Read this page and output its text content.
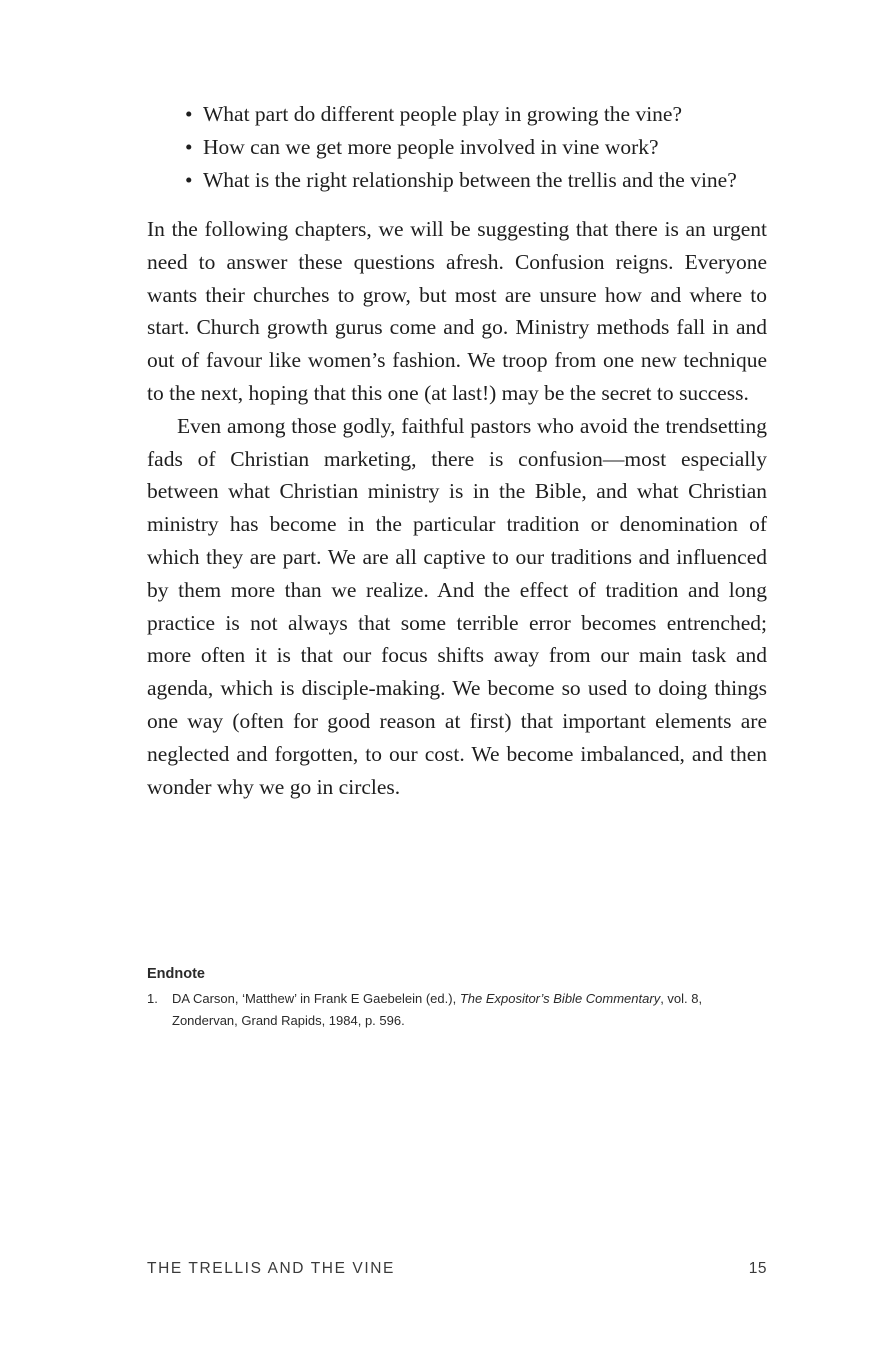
• What part do different people play in growing the vine?
• How can we get more people involved in vine work?
• What is the right relationship between the trellis and the vine?

In the following chapters, we will be suggesting that there is an urgent need to answer these questions afresh. Confusion reigns. Everyone wants their churches to grow, but most are unsure how and where to start. Church growth gurus come and go. Ministry methods fall in and out of favour like women’s fashion. We troop from one new technique to the next, hoping that this one (at last!) may be the secret to success.

Even among those godly, faithful pastors who avoid the trendsetting fads of Christian marketing, there is confusion—most especially between what Christian ministry is in the Bible, and what Christian ministry has become in the particular tradition or denomination of which they are part. We are all captive to our traditions and influenced by them more than we realize. And the effect of tradition and long practice is not always that some terrible error becomes entrenched; more often it is that our focus shifts away from our main task and agenda, which is disciple-making. We become so used to doing things one way (often for good reason at first) that important elements are neglected and forgotten, to our cost. We become imbalanced, and then wonder why we go in circles.

Endnote
1.	DA Carson, ‘Matthew’ in Frank E Gaebelein (ed.), The Expositor’s Bible Commentary, vol. 8, Zondervan, Grand Rapids, 1984, p. 596.
THE TRELLIS AND THE VINE	15
